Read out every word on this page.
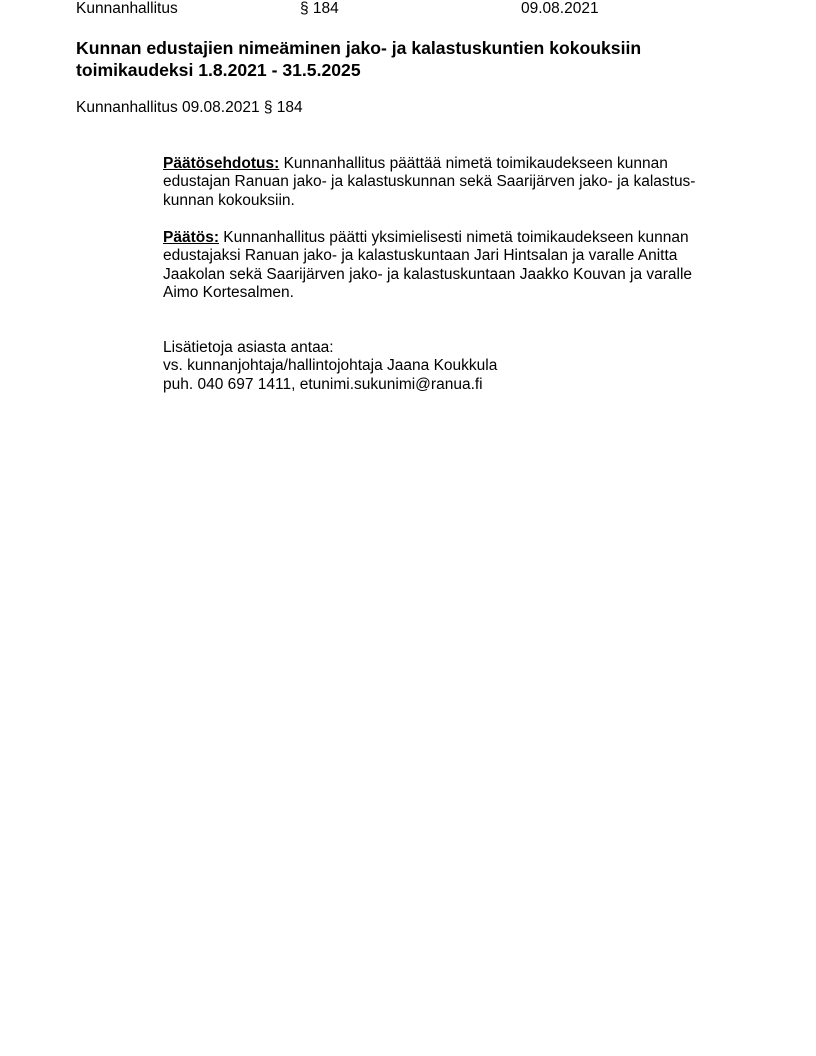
Kunnanhallitus	§ 184	09.08.2021
Kunnan edustajien nimeäminen jako- ja kalastuskuntien kokouksiin
toimikaudeksi 1.8.2021 - 31.5.2025
Kunnanhallitus 09.08.2021 § 184

Päätösehdotus: Kunnanhallitus päättää nimetä toimikaudekseen kunnan
edustajan Ranuan jako- ja kalastuskunnan sekä Saarijärven jako- ja kalastus-
kunnan kokouksiin.

Päätös: Kunnanhallitus päätti yksimielisesti nimetä toimikaudekseen kunnan
edustajaksi Ranuan jako- ja kalastuskuntaan Jari Hintsalan ja varalle Anitta
Jaakolan sekä Saarijärven jako- ja kalastuskuntaan Jaakko Kouvan ja varalle
Aimo Kortesalmen.

Lisätietoja asiasta antaa:
vs. kunnanjohtaja/hallintojohtaja Jaana Koukkula
puh. 040 697 1411, etunimi.sukunimi@ranua.fi
